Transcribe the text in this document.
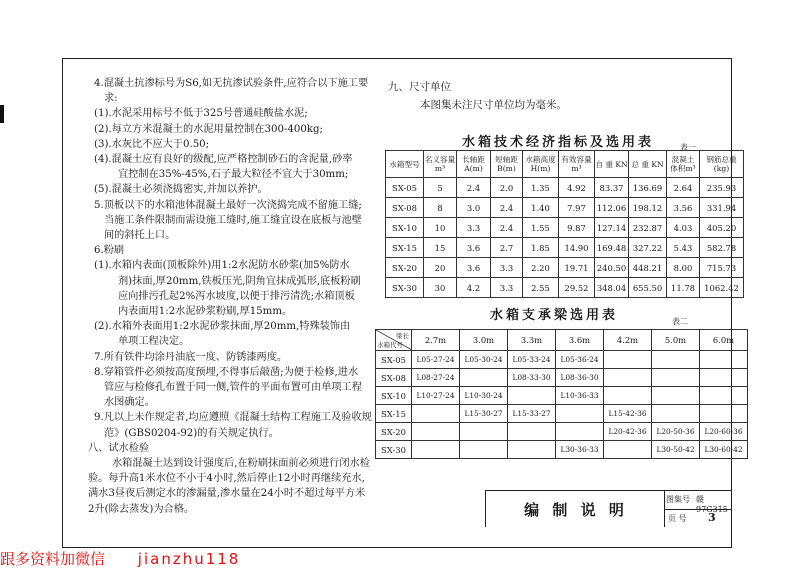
4.混凝土抗渗标号为S6,如无抗渗试验条件,应符合以下施工要

求:

(1).水泥采用标号不低于325号普通硅酸盐水泥;

(2).每立方米混凝土的水泥用量控制在300-400kg;

(3).水灰比不应大于0.50;

(4).混凝土应有良好的级配,应严格控制砂石的含泥量,砂率

宜控制在35%-45%,石子最大粒径不宜大于30mm;

(5).混凝土必须浇捣密实,并加以养护。

5.顶板以下的水箱池体混凝土最好一次浇捣完成不留施工缝;

当施工条件限制而需设施工缝时,施工缝宜设在底板与池壁

间的斜托上口。

6.粉刷

(1).水箱内表面(顶板除外)用1:2水泥防水砂浆(加5%防水

剂)抹面,厚20mm,铁板压光,阴角宜抹成弧形,底板粉刷

应向排污孔起2%泻水坡度,以便于排污清洗;水箱顶板

内表面用1:2水泥砂浆粉刷,厚15mm。

(2).水箱外表面用1:2水泥砂浆抹面,厚20mm,特殊装饰由

单项工程决定。

7.所有铁件均涂丹油底一度、防锈漆两度。

8.穿箱管件必须按高度预埋,不得事后敲凿;为便于检修,进水

管应与检修孔布置于同一侧,管件的平面布置可由单项工程

水图确定。

9.凡以上未作规定者,均应遵照《混凝土结构工程施工及验收规

范》(GBS0204-92)的有关规定执行。

八、试水检验

水箱混凝土达到设计强度后,在粉刷抹面前必须进行闭水检验。每升高1米水位不小于4小时,然后停止12小时再继续充水,满水3昼夜后测定水的渗漏量,渗水量在24小时不超过每平方米2升(除去蒸发)为合格。

九、尺寸单位
本图集未注尺寸单位均为毫米。
水箱技术经济指标及选用表	表一
水箱型号	名义容量 m³	长轴距 A(m)	短轴距 B(m)	水箱高度 H(m)	有效容量 m³	自 重 KN	总 重 KN	混凝土 体积m³	钢筋总重 (kg)
SX-05	5	2.4	2.0	1.35	4.92	83.37	136.69	2.64	235.93
SX-08	8	3.0	2.4	1.40	7.97	112.06	198.12	3.56	331.94
SX-10	10	3.3	2.4	1.55	9.87	127.14	232.87	4.03	405.20
SX-15	15	3.6	2.7	1.85	14.90	169.48	327.22	5.43	582.78
SX-20	20	3.6	3.3	2.20	19.71	240.50	448.21	8.00	715.73
SX-30	30	4.2	3.3	2.55	29.52	348.04	655.50	11.78	1062.42
水箱支承梁选用表	表二
梁长
水箱代号	2.7m	3.0m	3.3m	3.6m	4.2m	5.0m	6.0m
SX-05	L05-27-24	L05-30-24	L05-33-24	L05-36-24			
SX-08	L08-27-24		L08-33-30	L08-36-30			
SX-10	L10-27-24	L10-30-24		L10-36-33			
SX-15		L15-30-27	L15-33-27		L15-42-36		
SX-20					L20-42-36	L20-50-36	L20-60-36
SX-30				L30-36-33		L30-50-42	L30-60-42
编 制 说 明
图集号 赣
页 号 3
跟多资料加微信 jianzhu118
